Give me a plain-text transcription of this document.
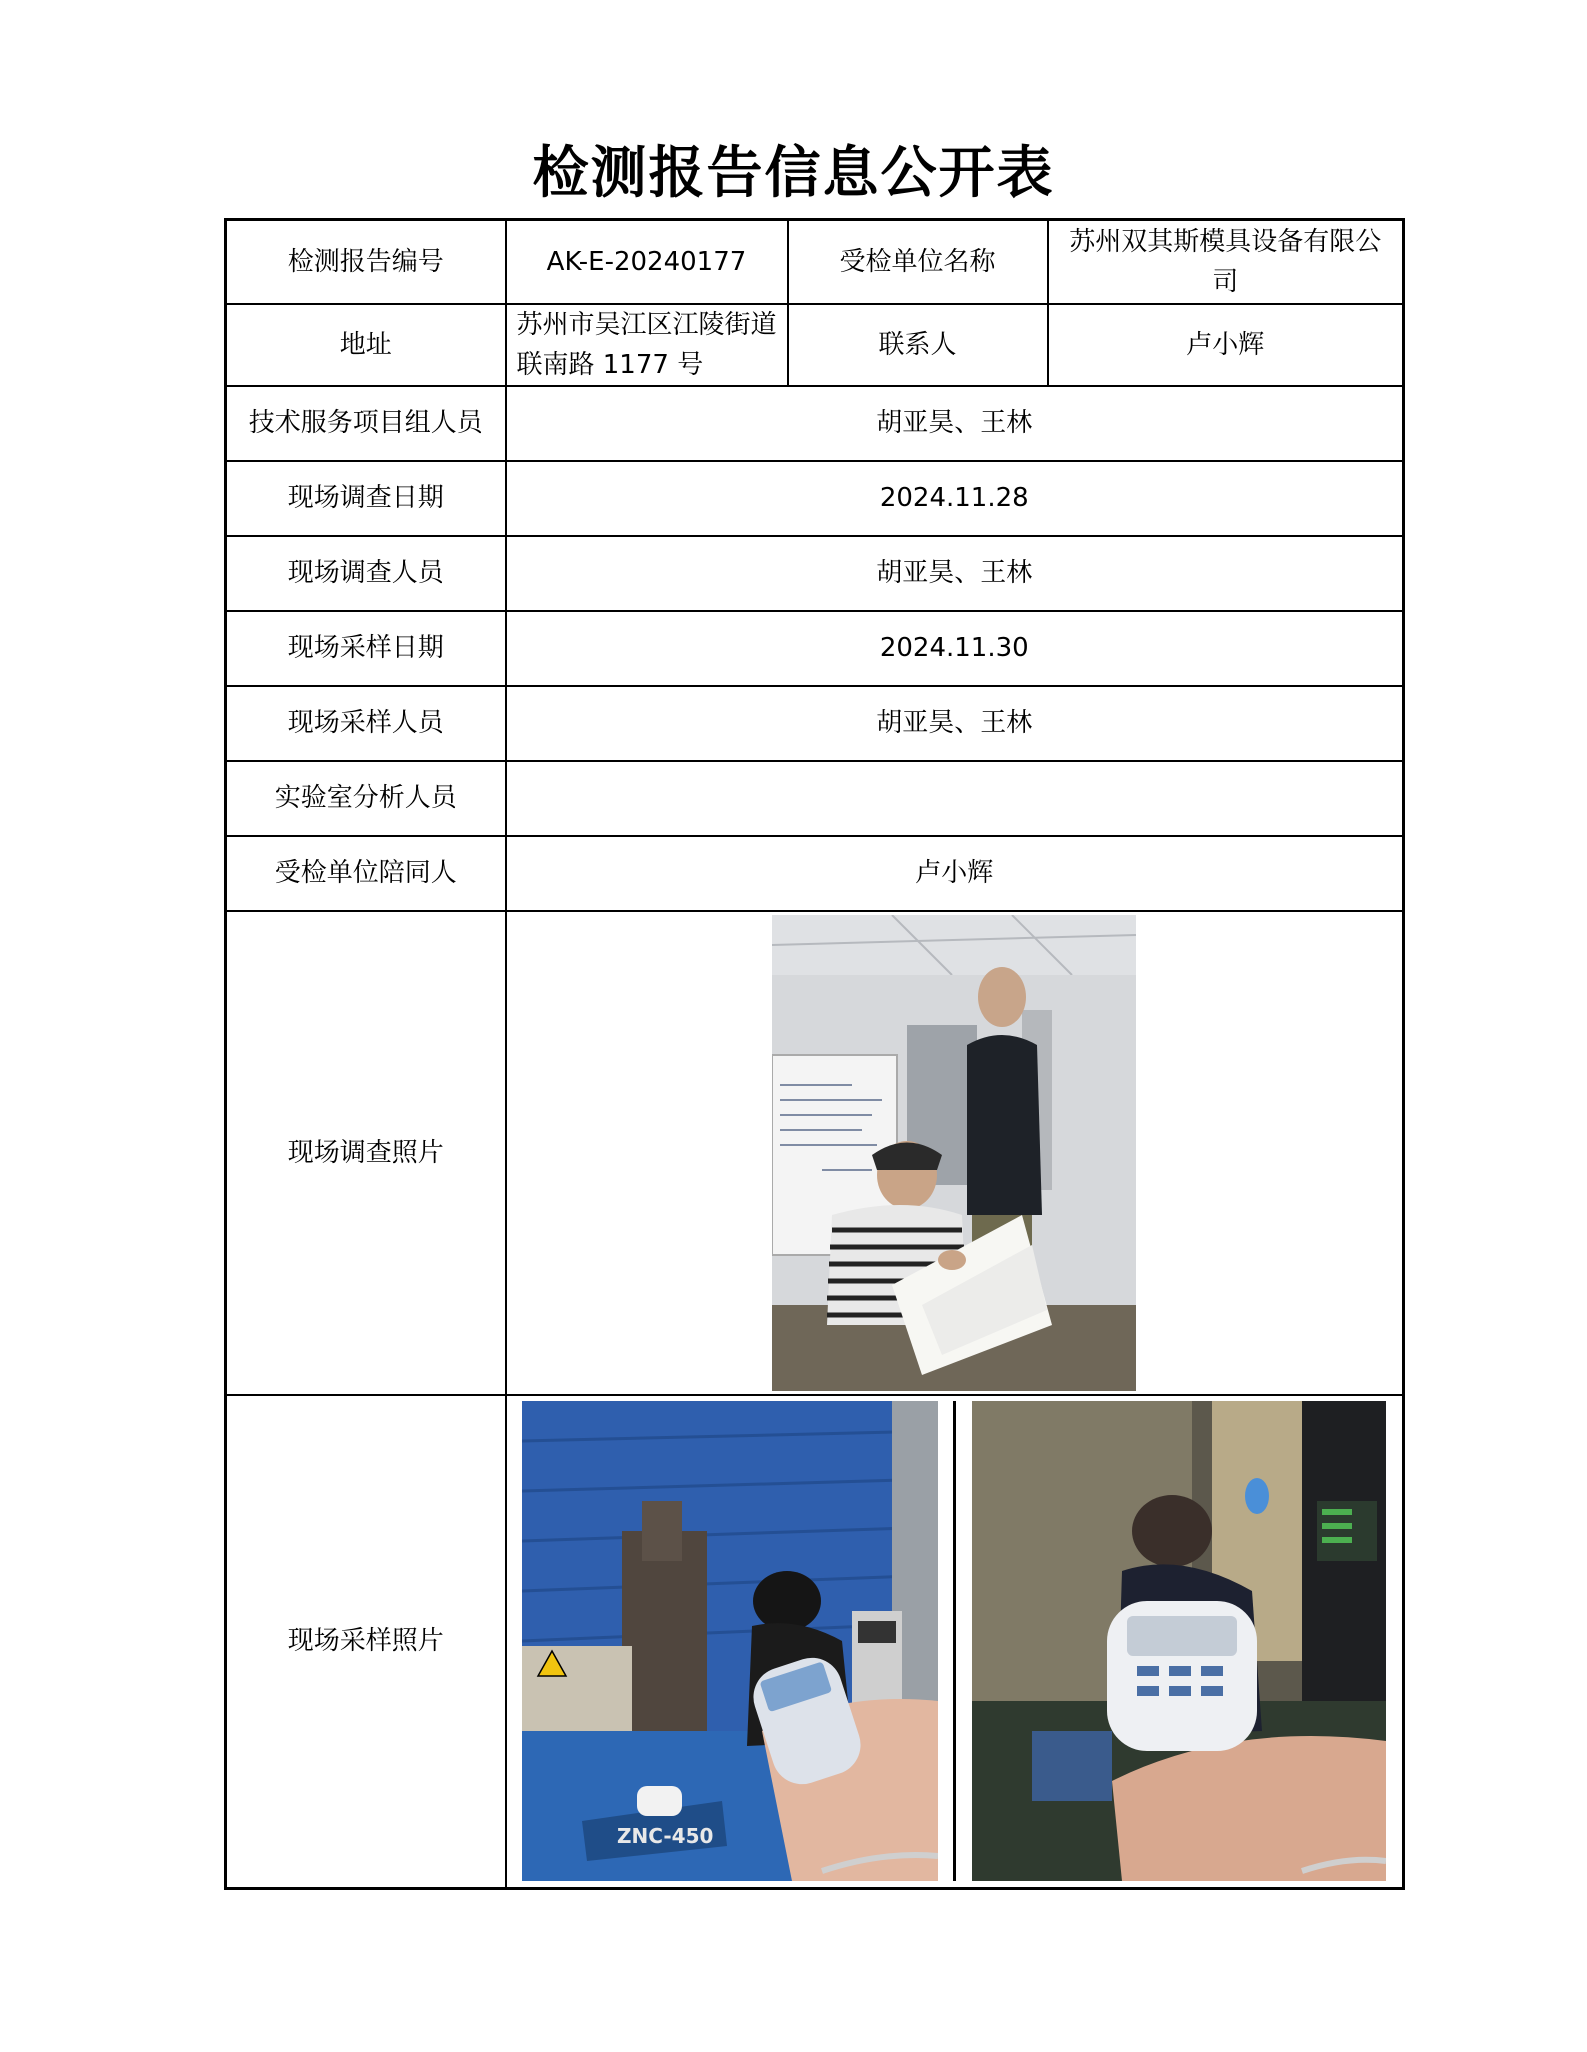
检测报告信息公开表
检测报告编号	AK-E-20240177	受检单位名称	苏州双其斯模具设备有限公司
地址	苏州市吴江区江陵街道联南路 1177 号	联系人	卢小辉
技术服务项目组人员	胡亚昊、王林		
现场调查日期	2024.11.28		
现场调查人员	胡亚昊、王林		
现场采样日期	2024.11.30		
现场采样人员	胡亚昊、王林		
实验室分析人员			
受检单位陪同人	卢小辉		
现场调查照片	

现场采样照片	ZNC-450		
